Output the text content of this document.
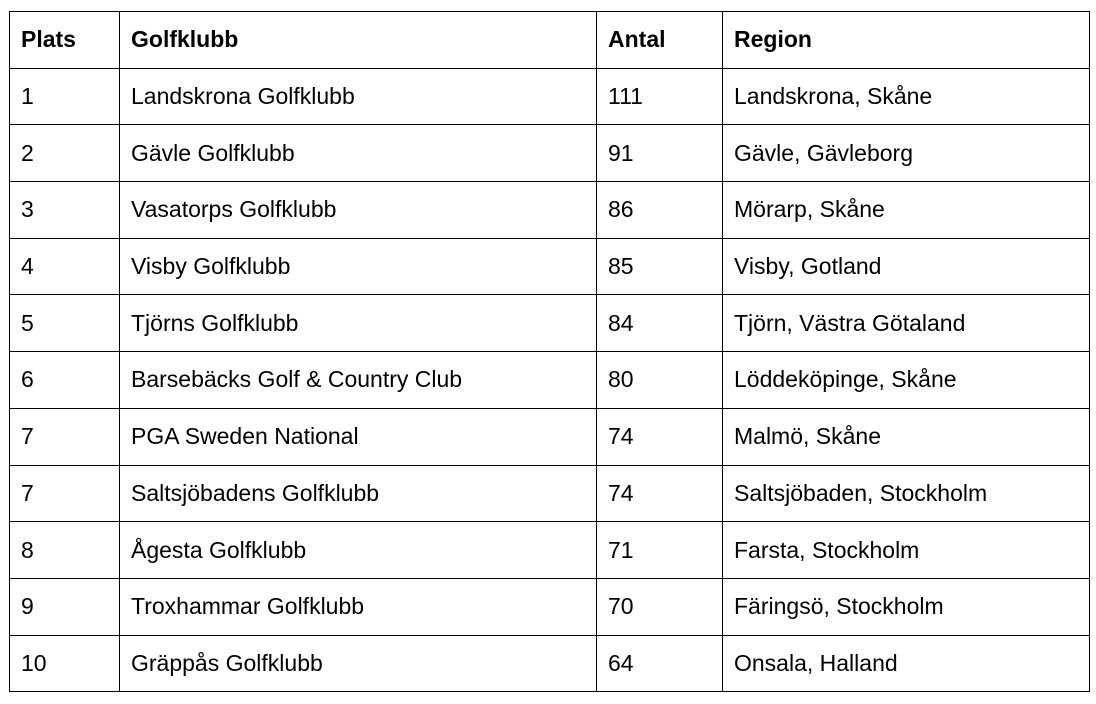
Plats	Golfklubb	Antal	Region
1	Landskrona Golfklubb	111	Landskrona, Skåne
2	Gävle Golfklubb	91	Gävle, Gävleborg
3	Vasatorps Golfklubb	86	Mörarp, Skåne
4	Visby Golfklubb	85	Visby, Gotland
5	Tjörns Golfklubb	84	Tjörn, Västra Götaland
6	Barsebäcks Golf & Country Club	80	Löddeköpinge, Skåne
7	PGA Sweden National	74	Malmö, Skåne
7	Saltsjöbadens Golfklubb	74	Saltsjöbaden, Stockholm
8	Ågesta Golfklubb	71	Farsta, Stockholm
9	Troxhammar Golfklubb	70	Färingsö, Stockholm
10	Gräppås Golfklubb	64	Onsala, Halland
